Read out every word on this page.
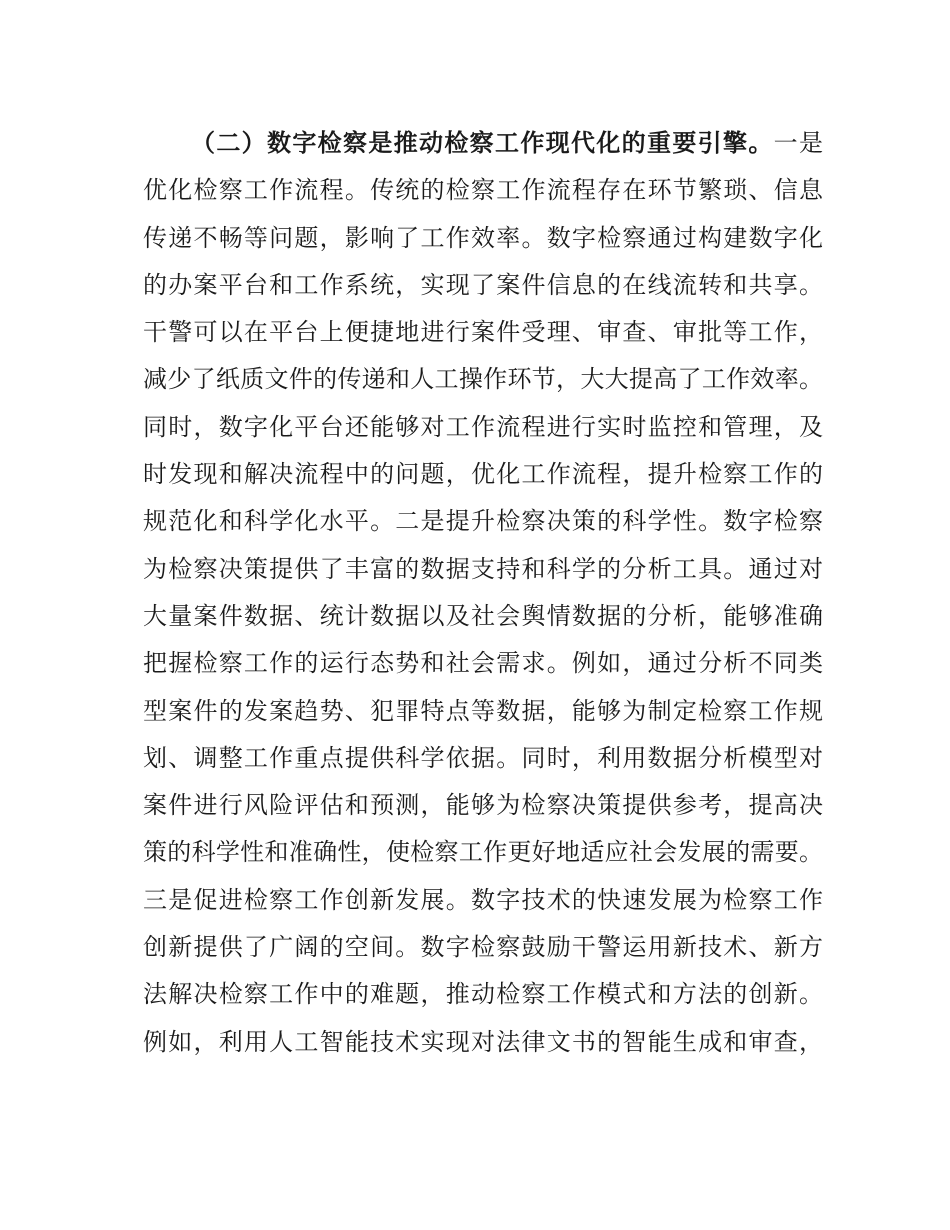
（二）数字检察是推动检察工作现代化的重要引擎。一是
优化检察工作流程。传统的检察工作流程存在环节繁琐、信息
传递不畅等问题，影响了工作效率。数字检察通过构建数字化
的办案平台和工作系统，实现了案件信息的在线流转和共享。
干警可以在平台上便捷地进行案件受理、审查、审批等工作，
减少了纸质文件的传递和人工操作环节，大大提高了工作效率。
同时，数字化平台还能够对工作流程进行实时监控和管理，及
时发现和解决流程中的问题，优化工作流程，提升检察工作的
规范化和科学化水平。二是提升检察决策的科学性。数字检察
为检察决策提供了丰富的数据支持和科学的分析工具。通过对
大量案件数据、统计数据以及社会舆情数据的分析，能够准确
把握检察工作的运行态势和社会需求。例如，通过分析不同类
型案件的发案趋势、犯罪特点等数据，能够为制定检察工作规
划、调整工作重点提供科学依据。同时，利用数据分析模型对
案件进行风险评估和预测，能够为检察决策提供参考，提高决
策的科学性和准确性，使检察工作更好地适应社会发展的需要。
三是促进检察工作创新发展。数字技术的快速发展为检察工作
创新提供了广阔的空间。数字检察鼓励干警运用新技术、新方
法解决检察工作中的难题，推动检察工作模式和方法的创新。
例如，利用人工智能技术实现对法律文书的智能生成和审查，
